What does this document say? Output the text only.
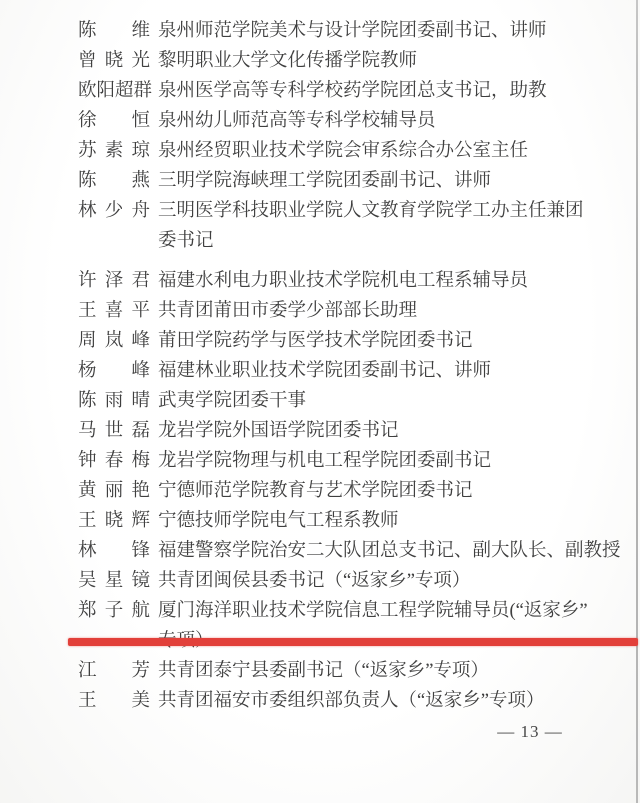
陈　维 泉州师范学院美术与设计学院团委副书记、讲师
曾晓光 黎明职业大学文化传播学院教师
欧阳超群 泉州医学高等专科学校药学院团总支书记，助教
徐　恒 泉州幼儿师范高等专科学校辅导员
苏素琼 泉州经贸职业技术学院会审系综合办公室主任
陈　燕 三明学院海峡理工学院团委副书记、讲师
林少舟 三明医学科技职业学院人文教育学院学工办主任兼团
委书记
许泽君 福建水利电力职业技术学院机电工程系辅导员
王喜平 共青团莆田市委学少部部长助理
周岚峰 莆田学院药学与医学技术学院团委书记
杨　峰 福建林业职业技术学院团委副书记、讲师
陈雨晴 武夷学院团委干事
马世磊 龙岩学院外国语学院团委书记
钟春梅 龙岩学院物理与机电工程学院团委副书记
黄丽艳 宁德师范学院教育与艺术学院团委书记
王晓辉 宁德技师学院电气工程系教师
林　锋 福建警察学院治安二大队团总支书记、副大队长、副教授
吴星镜 共青团闽侯县委书记（“返家乡”专项）
郑子航 厦门海洋职业技术学院信息工程学院辅导员(“返家乡”
江　芳 共青团泰宁县委副书记（“返家乡”专项）
王　美 共青团福安市委组织部负责人（“返家乡”专项）
— 13 —
